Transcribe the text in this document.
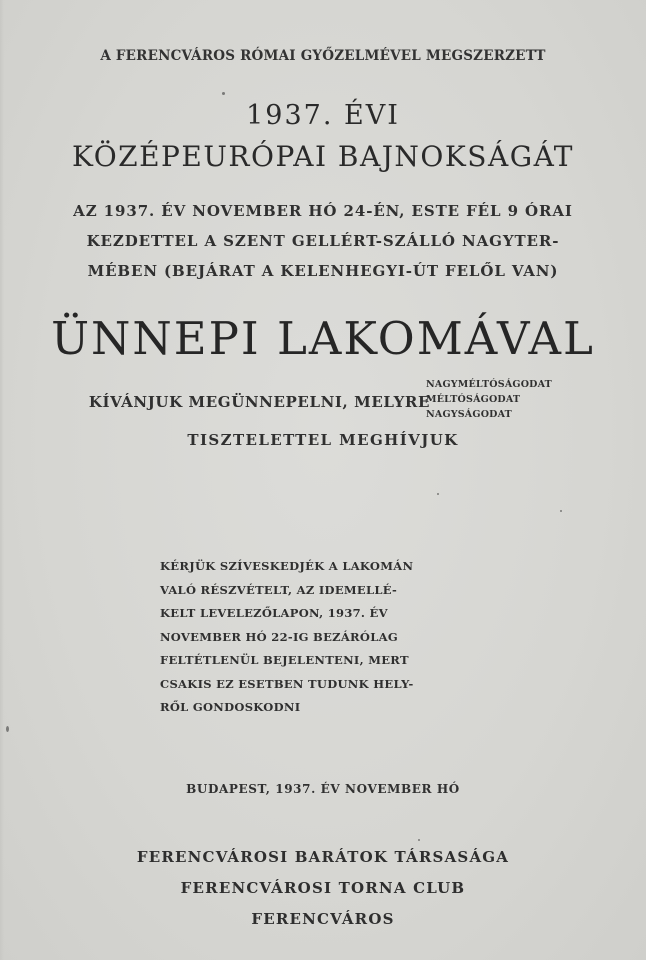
A FERENCVÁROS RÓMAI GYŐZELMÉVEL MEGSZERZETT
1937. ÉVI
KÖZÉPEURÓPAI BAJNOKSÁGÁT
AZ 1937. ÉV NOVEMBER HÓ 24-ÉN, ESTE FÉL 9 ÓRAI
KEZDETTEL A SZENT GELLÉRT-SZÁLLÓ NAGYTER-
MÉBEN (BEJÁRAT A KELENHEGYI-ÚT FELŐL VAN)
ÜNNEPI LAKOMÁVAL
KÍVÁNJUK MEGÜNNEPELNI, MELYRE
NAGYMÉLTÓSÁGODAT
MÉLTÓSÁGODAT
NAGYSÁGODAT
TISZTELETTEL MEGHÍVJUK
KÉRJÜK SZÍVESKEDJÉK A LAKOMÁN
VALÓ RÉSZVÉTELT, AZ IDEMELLÉ-
KELT LEVELEZŐLAPON, 1937. ÉV
NOVEMBER HÓ 22-IG BEZÁRÓLAG
FELTÉTLENÜL BEJELENTENI, MERT
CSAKIS EZ ESETBEN TUDUNK HELY-
RŐL GONDOSKODNI
BUDAPEST, 1937. ÉV NOVEMBER HÓ
FERENCVÁROSI BARÁTOK TÁRSASÁGA
FERENCVÁROSI TORNA CLUB
FERENCVÁROS
